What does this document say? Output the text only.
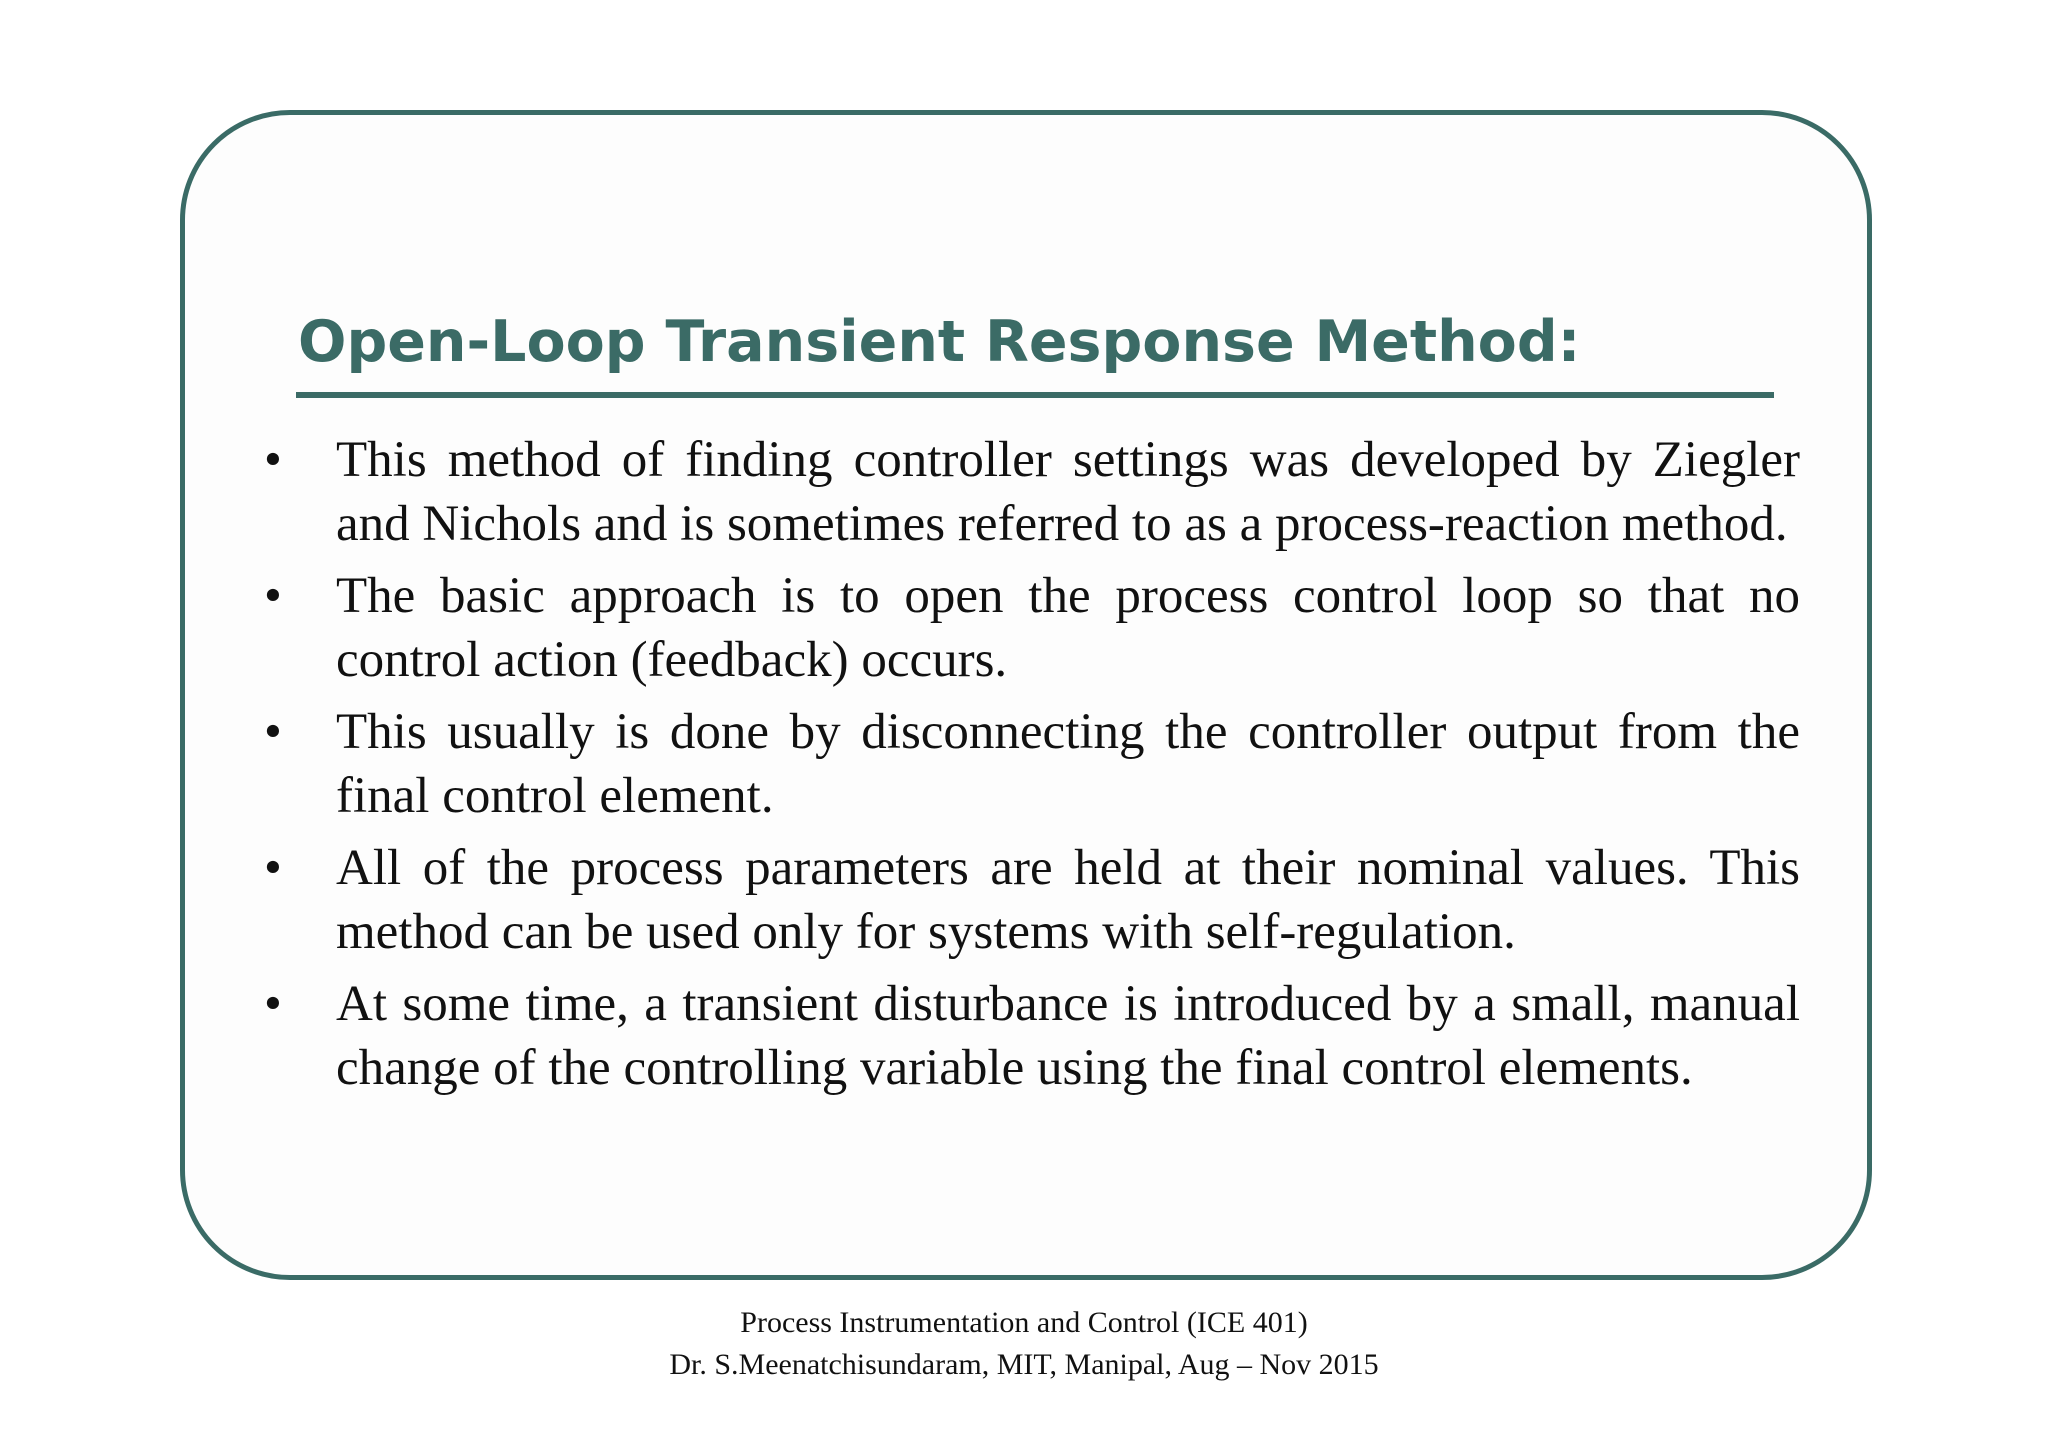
Open-Loop Transient Response Method:
•	This method of finding controller settings was developed by Ziegler and Nichols and is sometimes referred to as a process-reaction method.
•	The basic approach is to open the process control loop so that no control action (feedback) occurs.
•	This usually is done by disconnecting the controller output from the final control element.
•	All of the process parameters are held at their nominal values. This method can be used only for systems with self-regulation.
•	At some time, a transient disturbance is introduced by a small, manual change of the controlling variable using the final control elements.
Process Instrumentation and Control (ICE 401)
Dr. S.Meenatchisundaram, MIT, Manipal, Aug – Nov 2015
